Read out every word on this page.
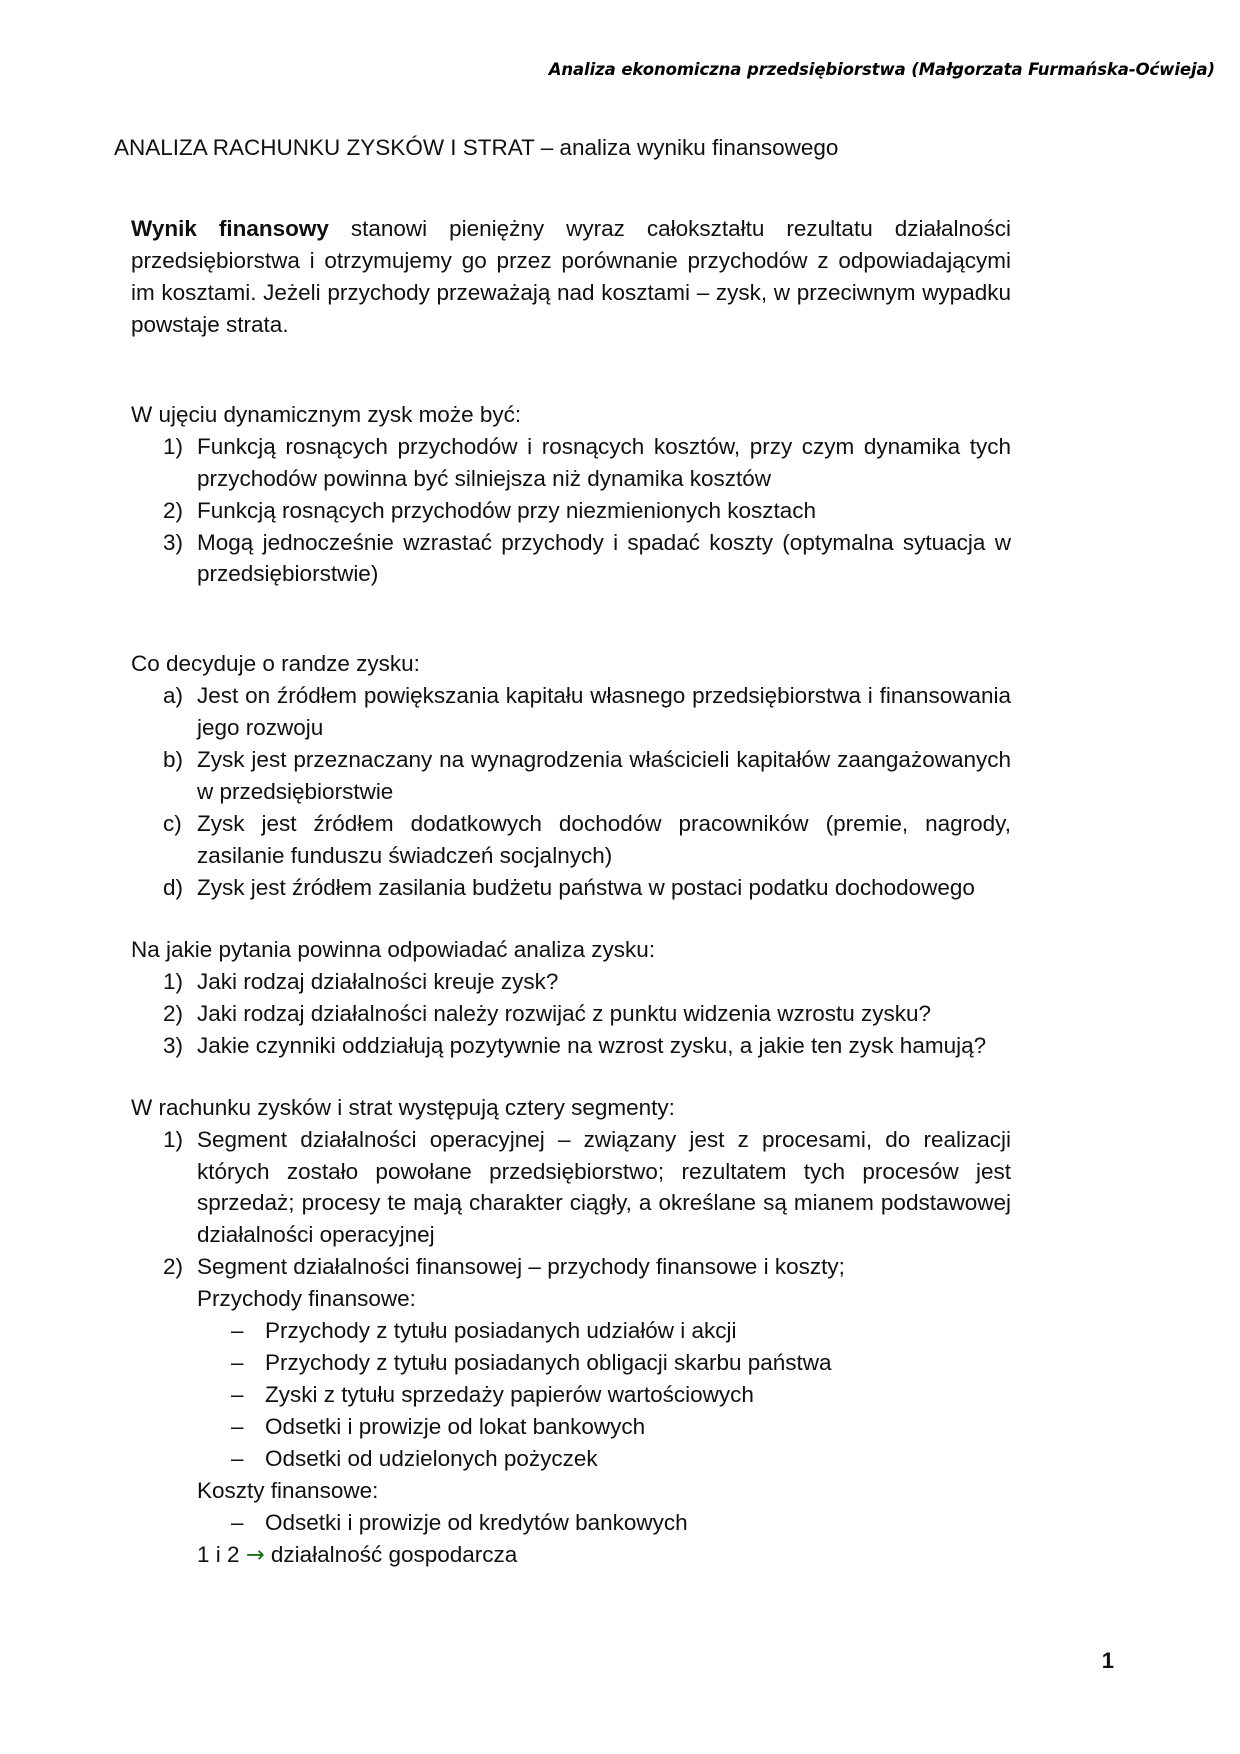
Analiza ekonomiczna przedsiębiorstwa (Małgorzata Furmańska-Oćwieja)
ANALIZA RACHUNKU ZYSKÓW I STRAT – analiza wyniku finansowego

Wynik finansowy stanowi pieniężny wyraz całokształtu rezultatu działalności przedsiębiorstwa i otrzymujemy go przez porównanie przychodów z odpowiadającymi im kosztami. Jeżeli przychody przeważają nad kosztami – zysk, w przeciwnym wypadku powstaje strata.

W ujęciu dynamicznym zysk może być:
1) Funkcją rosnących przychodów i rosnących kosztów, przy czym dynamika tych przychodów powinna być silniejsza niż dynamika kosztów
2) Funkcją rosnących przychodów przy niezmienionych kosztach
3) Mogą jednocześnie wzrastać przychody i spadać koszty (optymalna sytuacja w przedsiębiorstwie)
Co decyduje o randze zysku:
a) Jest on źródłem powiększania kapitału własnego przedsiębiorstwa i finansowania jego rozwoju
b) Zysk jest przeznaczany na wynagrodzenia właścicieli kapitałów zaangażowanych w przedsiębiorstwie
c) Zysk jest źródłem dodatkowych dochodów pracowników (premie, nagrody, zasilanie funduszu świadczeń socjalnych)
d) Zysk jest źródłem zasilania budżetu państwa w postaci podatku dochodowego
Na jakie pytania powinna odpowiadać analiza zysku:
1) Jaki rodzaj działalności kreuje zysk?
2) Jaki rodzaj działalności należy rozwijać z punktu widzenia wzrostu zysku?
3) Jakie czynniki oddziałują pozytywnie na wzrost zysku, a jakie ten zysk hamują?
W rachunku zysków i strat występują cztery segmenty:
1) Segment działalności operacyjnej – związany jest z procesami, do realizacji których zostało powołane przedsiębiorstwo; rezultatem tych procesów jest sprzedaż; procesy te mają charakter ciągły, a określane są mianem podstawowej działalności operacyjnej
2) Segment działalności finansowej – przychody finansowe i koszty;
Przychody finansowe:
– Przychody z tytułu posiadanych udziałów i akcji
– Przychody z tytułu posiadanych obligacji skarbu państwa
– Zyski z tytułu sprzedaży papierów wartościowych
– Odsetki i prowizje od lokat bankowych
– Odsetki od udzielonych pożyczek
Koszty finansowe:
– Odsetki i prowizje od kredytów bankowych
1 i 2 → działalność gospodarcza
1
